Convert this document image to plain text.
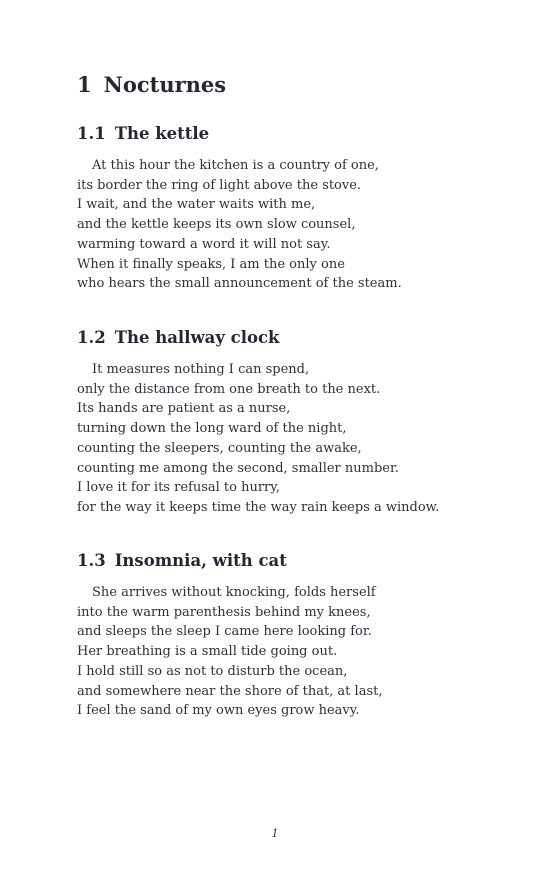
1 Nocturnes
1.1 The kettle
At this hour the kitchen is a country of one,
its border the ring of light above the stove.
I wait, and the water waits with me,
and the kettle keeps its own slow counsel,
warming toward a word it will not say.
When it finally speaks, I am the only one
who hears the small announcement of the steam.
1.2 The hallway clock
It measures nothing I can spend,
only the distance from one breath to the next.
Its hands are patient as a nurse,
turning down the long ward of the night,
counting the sleepers, counting the awake,
counting me among the second, smaller number.
I love it for its refusal to hurry,
for the way it keeps time the way rain keeps a window.
1.3 Insomnia, with cat
She arrives without knocking, folds herself
into the warm parenthesis behind my knees,
and sleeps the sleep I came here looking for.
Her breathing is a small tide going out.
I hold still so as not to disturb the ocean,
and somewhere near the shore of that, at last,
I feel the sand of my own eyes grow heavy.
1
